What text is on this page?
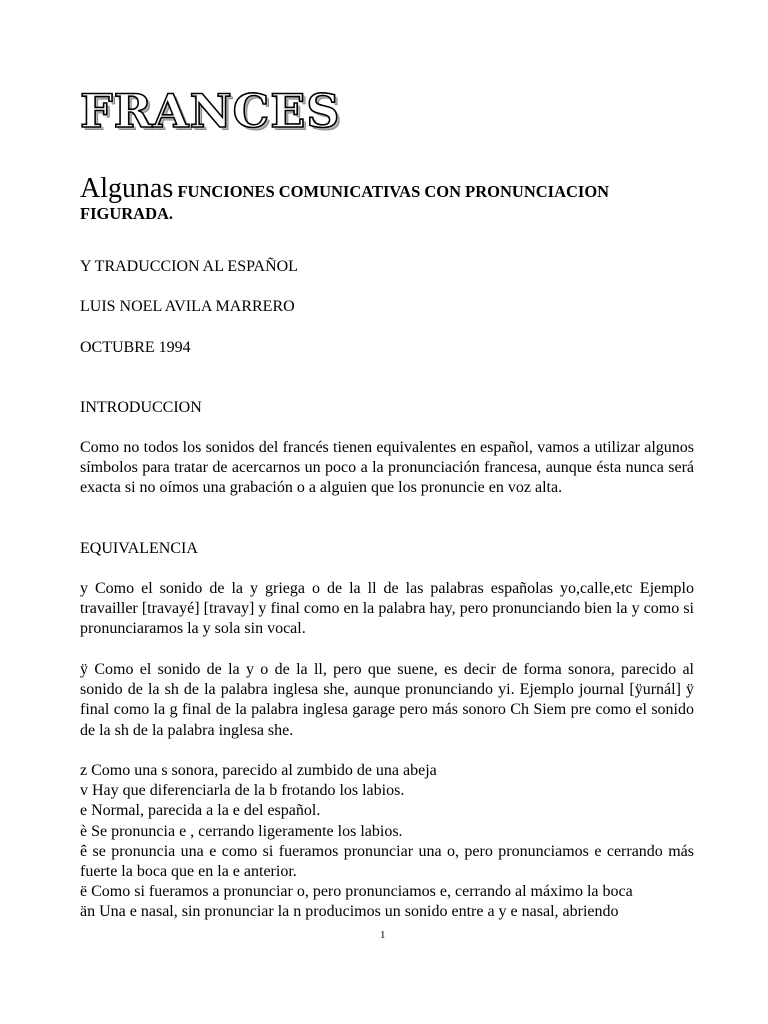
FRANCES

Algunas FUNCIONES COMUNICATIVAS CON PRONUNCIACION FIGURADA.

Y TRADUCCION AL ESPAÑOL

LUIS NOEL AVILA MARRERO

OCTUBRE 1994

INTRODUCCION

Como no todos los sonidos del francés tienen equivalentes en español, vamos a utilizar algunos símbolos para tratar de acercarnos un poco a la pronunciación francesa, aunque ésta nunca será exacta si no oímos una grabación o a alguien que los pronuncie en voz alta.

EQUIVALENCIA

y Como el sonido de la y griega o de la ll de las palabras españolas yo,calle,etc Ejemplo travailler [travayé] [travay] y final como en la palabra hay, pero pronunciando bien la y como si pronunciaramos la y sola sin vocal.

ÿ Como el sonido de la y o de la ll, pero que suene, es decir de forma sonora, parecido al sonido de la sh de la palabra inglesa she, aunque pronunciando yi. Ejemplo journal [ÿurnál] ÿ final como la g final de la palabra inglesa garage pero más sonoro Ch Siem pre como el sonido de la sh de la palabra inglesa she.

z Como una s sonora, parecido al zumbido de una abeja
v Hay que diferenciarla de la b frotando los labios.
e Normal, parecida a la e del español.
è Se pronuncia e , cerrando ligeramente los labios.
ê se pronuncia una e como si fueramos pronunciar una o, pero pronunciamos e cerrando más fuerte la boca que en la e anterior.
ë Como si fueramos a pronunciar o, pero pronunciamos e, cerrando al máximo la boca
än Una e nasal, sin pronunciar la n producimos un sonido entre a y e nasal, abriendo
1
